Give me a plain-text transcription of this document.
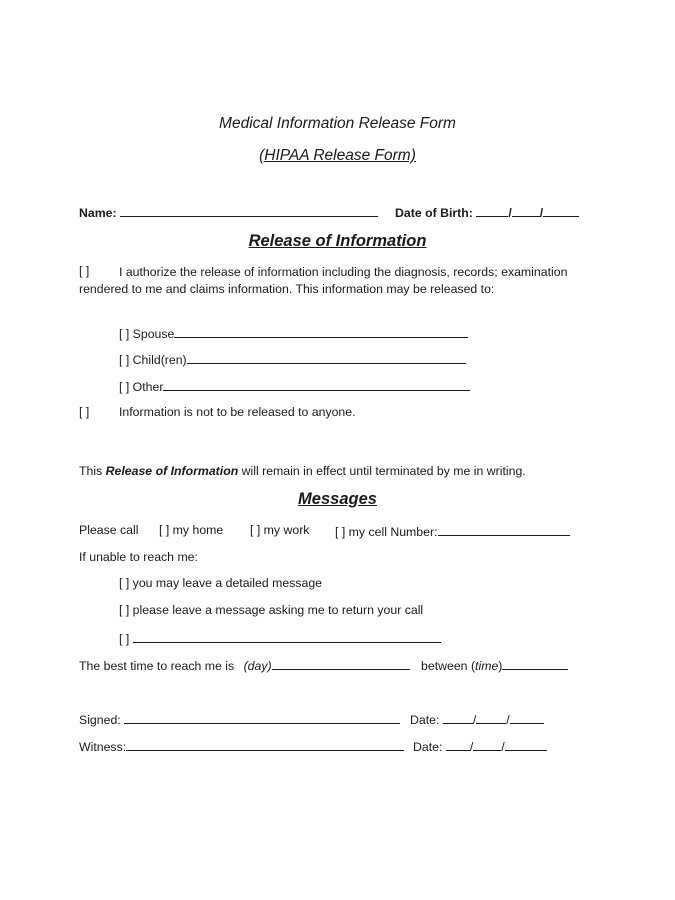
Medical Information Release Form
(HIPAA Release Form)
Name:	Date of Birth:	/ /
Release of Information
[ ]	I authorize the release of information including the diagnosis, records; examination rendered to me and claims information. This information may be released to:
[ ] Spouse
[ ] Child(ren)
[ ] Other
[ ] Information is not to be released to anyone.
This Release of Information will remain in effect until terminated by me in writing.
Messages
Please call [ ] my home [ ] my work [ ] my cell Number:
If unable to reach me:
[ ] you may leave a detailed message
[ ] please leave a message asking me to return your call
[ ]
The best time to reach me is (day)	between (time)
Signed:	Date:	/ /
Witness:	Date: / /
